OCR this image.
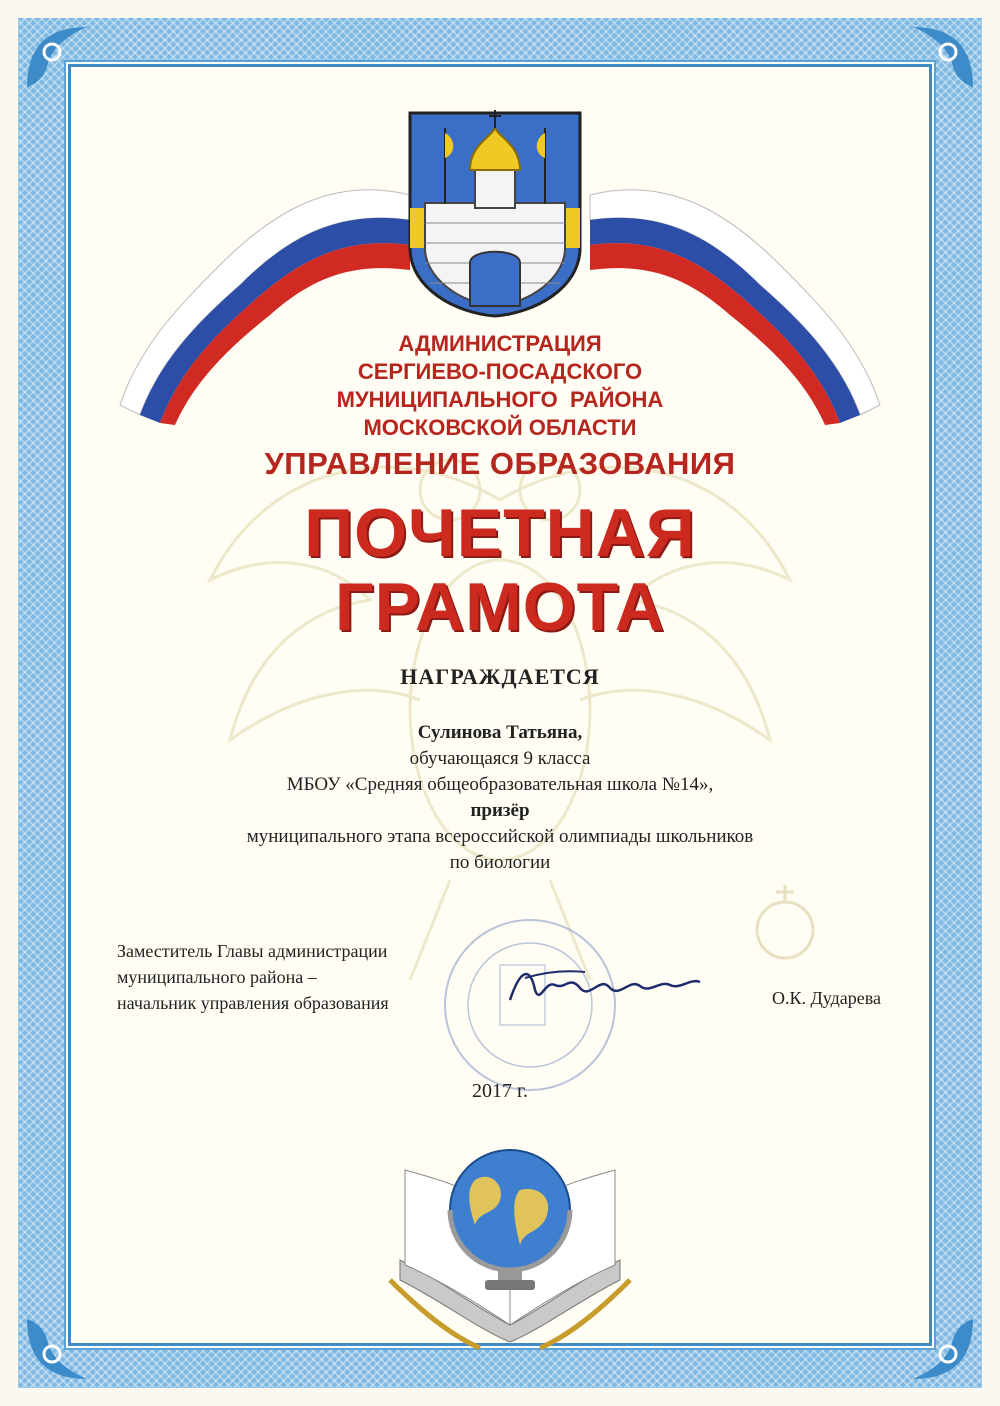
АДМИНИСТРАЦИЯ
СЕРГИЕВО-ПОСАДСКОГО
МУНИЦИПАЛЬНОГО  РАЙОНА
МОСКОВСКОЙ ОБЛАСТИ
УПРАВЛЕНИЕ ОБРАЗОВАНИЯ
ПОЧЕТНАЯ
ГРАМОТА
НАГРАЖДАЕТСЯ
Сулинова Татьяна,
обучающаяся 9 класса
МБОУ «Средняя общеобразовательная школа №14»,
призёр
муниципального этапа всероссийской олимпиады школьников
по биологии
Заместитель Главы администрации
муниципального района –
начальник управления образования	О.К. Дударева
2017 г.
